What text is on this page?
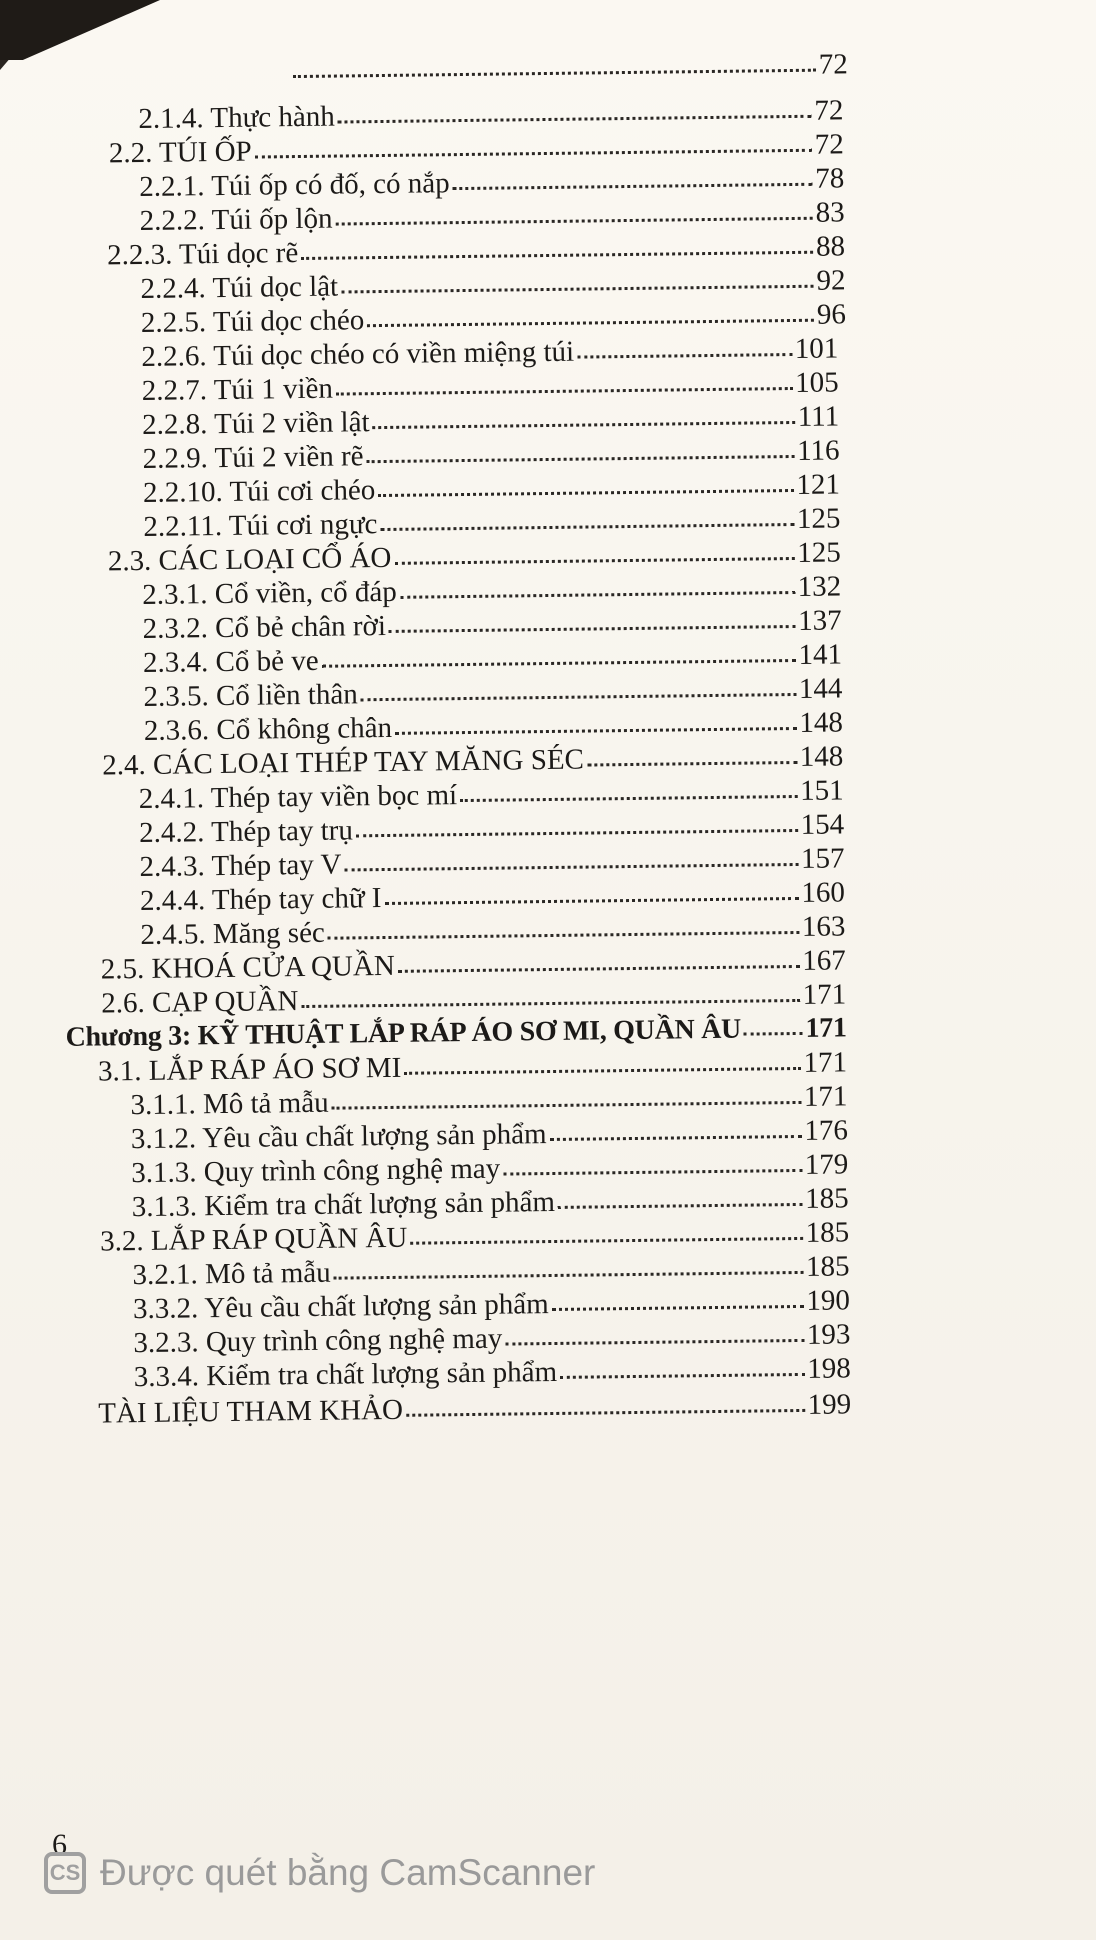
72
2.1.4. Thực hành	72
2.2. TÚI ỐP	72
2.2.1. Túi ốp có đố, có nắp	78
2.2.2. Túi ốp lộn	83
2.2.3. Túi dọc rẽ	88
2.2.4. Túi dọc lật	92
2.2.5. Túi dọc chéo	96
2.2.6. Túi dọc chéo có viền miệng túi	101
2.2.7. Túi 1 viền	105
2.2.8. Túi 2 viền lật	111
2.2.9. Túi 2 viền rẽ	116
2.2.10. Túi cơi chéo	121
2.2.11. Túi cơi ngực	125
2.3. CÁC LOẠI CỔ ÁO	125
2.3.1. Cổ viền, cổ đáp	132
2.3.2. Cổ bẻ chân rời	137
2.3.4. Cổ bẻ ve	141
2.3.5. Cổ liền thân	144
2.3.6. Cổ không chân	148
2.4. CÁC LOẠI THÉP TAY MĂNG SÉC	148
2.4.1. Thép tay viền bọc mí	151
2.4.2. Thép tay trụ	154
2.4.3. Thép tay V	157
2.4.4. Thép tay chữ I	160
2.4.5. Măng séc	163
2.5. KHOÁ CỬA QUẦN	167
2.6. CẠP QUẦN	171
Chương 3: KỸ THUẬT LẮP RÁP ÁO SƠ MI, QUẦN ÂU 171
3.1. LẮP RÁP ÁO SƠ MI	171
3.1.1. Mô tả mẫu	171
3.1.2. Yêu cầu chất lượng sản phẩm	176
3.1.3. Quy trình công nghệ may	179
3.1.3. Kiểm tra chất lượng sản phẩm	185
3.2. LẮP RÁP QUẦN ÂU	185
3.2.1. Mô tả mẫu	185
3.3.2. Yêu cầu chất lượng sản phẩm	190
3.2.3. Quy trình công nghệ may	193
3.3.4. Kiểm tra chất lượng sản phẩm	198
TÀI LIỆU THAM KHẢO	199
6
CS Được quét bằng CamScanner
